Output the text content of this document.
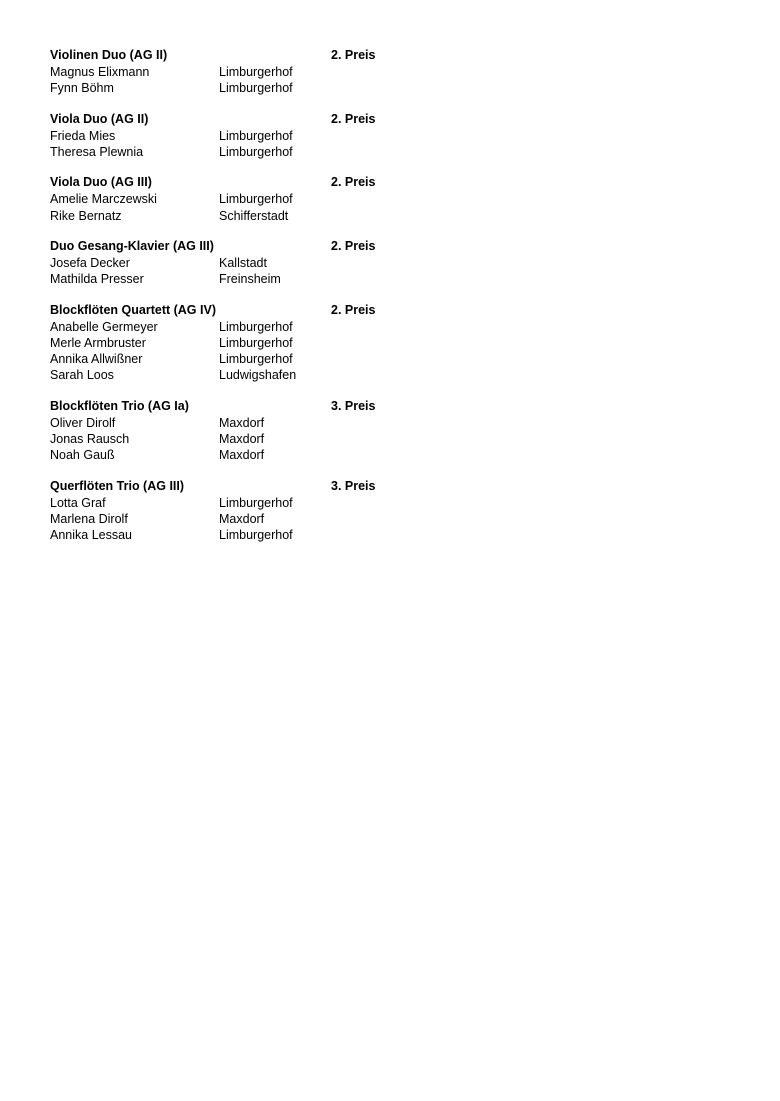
Violinen Duo (AG II)	2. Preis
Magnus Elixmann	Limburgerhof
Fynn Böhm	Limburgerhof
Viola Duo (AG II)	2. Preis
Frieda Mies	Limburgerhof
Theresa Plewnia	Limburgerhof
Viola Duo (AG III)	2. Preis
Amelie Marczewski	Limburgerhof
Rike Bernatz	Schifferstadt
Duo Gesang-Klavier (AG III)	2. Preis
Josefa Decker	Kallstadt
Mathilda Presser	Freinsheim
Blockflöten Quartett (AG IV)	2. Preis
Anabelle Germeyer	Limburgerhof
Merle Armbruster	Limburgerhof
Annika Allwißner	Limburgerhof
Sarah Loos	Ludwigshafen
Blockflöten Trio (AG Ia)	3. Preis
Oliver Dirolf	Maxdorf
Jonas Rausch	Maxdorf
Noah Gauß	Maxdorf
Querflöten Trio (AG III)	3. Preis
Lotta Graf	Limburgerhof
Marlena Dirolf	Maxdorf
Annika Lessau	Limburgerhof
